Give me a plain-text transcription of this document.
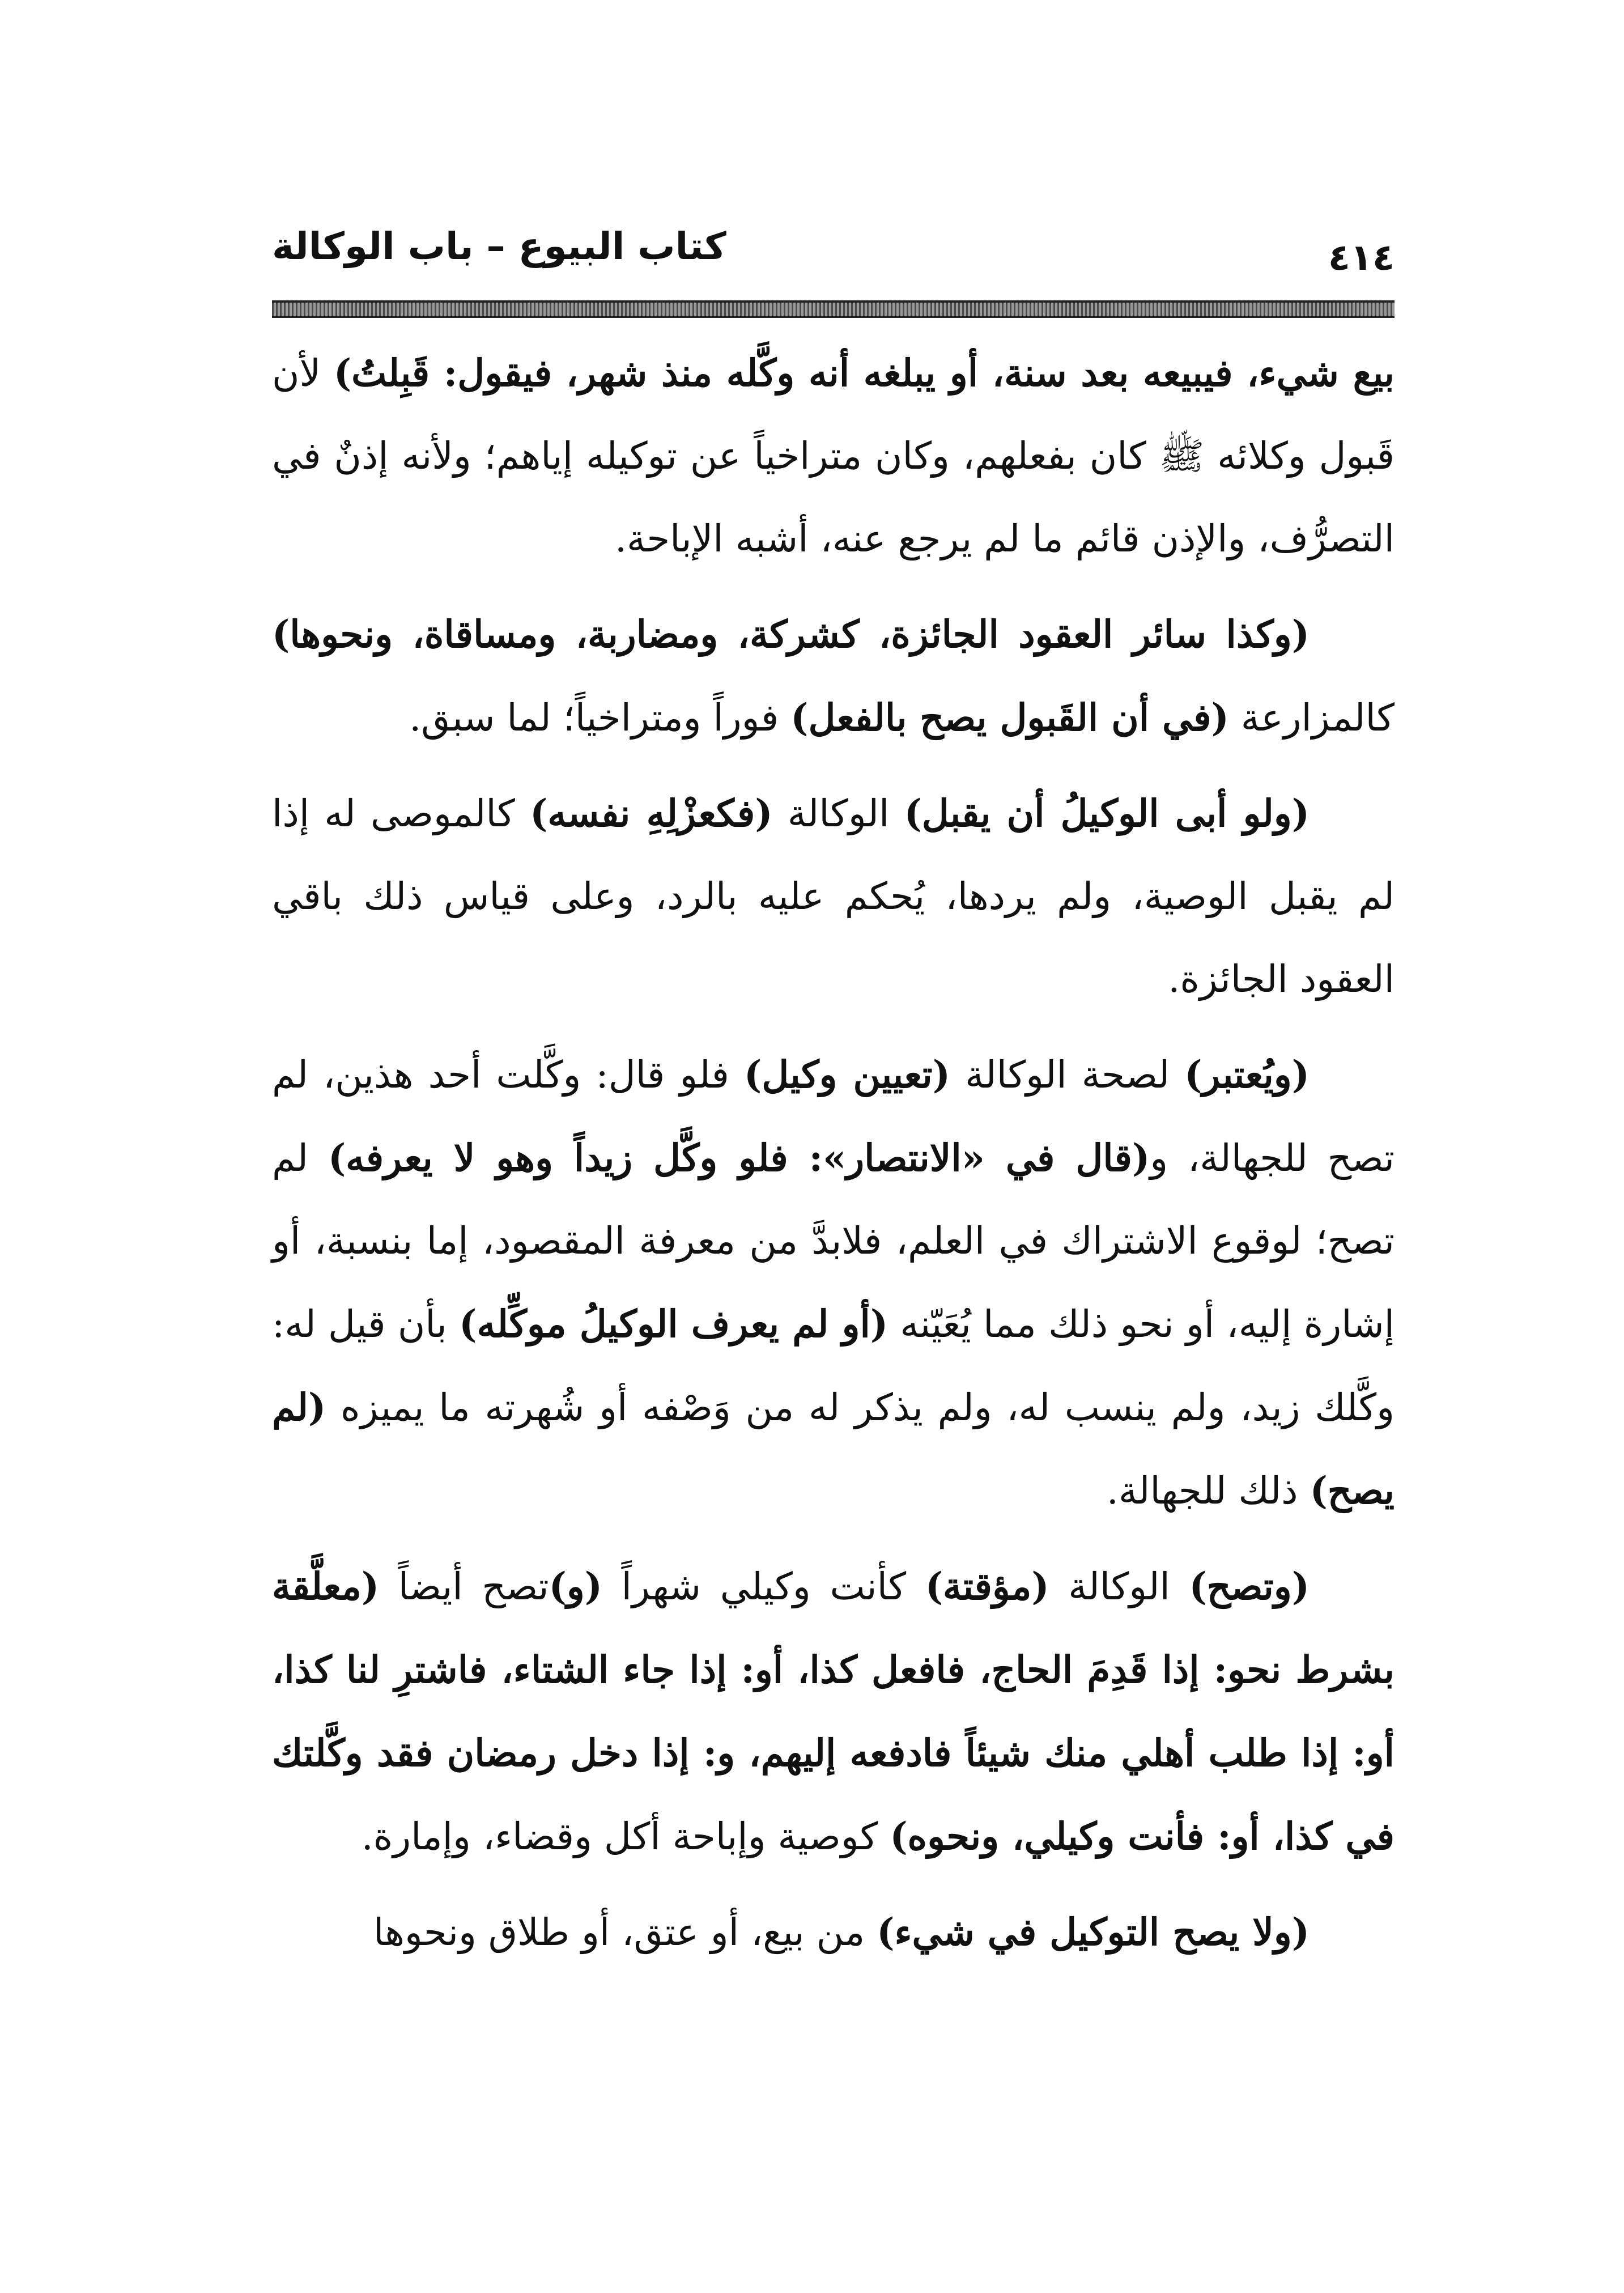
كتاب البيوع – باب الوكالة	٤١٤

بيع شيء، فيبيعه بعد سنة، أو يبلغه أنه وكَّله منذ شهر، فيقول: قَبِلتُ) لأن قَبول وكلائه ﷺ كان بفعلهم، وكان متراخياً عن توكيله إياهم؛ ولأنه إذنٌ في التصرُّف، والإذن قائم ما لم يرجع عنه، أشبه الإباحة.

(وكذا سائر العقود الجائزة، كشركة، ومضاربة، ومساقاة، ونحوها) كالمزارعة (في أن القَبول يصح بالفعل) فوراً ومتراخياً؛ لما سبق.

(ولو أبى الوكيلُ أن يقبل) الوكالة (فكعزْلِهِ نفسه) كالموصى له إذا لم يقبل الوصية، ولم يردها، يُحكم عليه بالرد، وعلى قياس ذلك باقي العقود الجائزة.

(ويُعتبر) لصحة الوكالة (تعيين وكيل) فلو قال: وكَّلت أحد هذين، لم تصح للجهالة، و(قال في «الانتصار»: فلو وكَّل زيداً وهو لا يعرفه) لم تصح؛ لوقوع الاشتراك في العلم، فلابدَّ من معرفة المقصود، إما بنسبة، أو إشارة إليه، أو نحو ذلك مما يُعَيّنه (أو لم يعرف الوكيلُ موكِّله) بأن قيل له: وكَّلك زيد، ولم ينسب له، ولم يذكر له من وَصْفه أو شُهرته ما يميزه (لم يصح) ذلك للجهالة.

(وتصح) الوكالة (مؤقتة) كأنت وكيلي شهراً (و)تصح أيضاً (معلَّقة بشرط نحو: إذا قَدِمَ الحاج، فافعل كذا، أو: إذا جاء الشتاء، فاشترِ لنا كذا، أو: إذا طلب أهلي منك شيئاً فادفعه إليهم، و: إذا دخل رمضان فقد وكَّلتك في كذا، أو: فأنت وكيلي، ونحوه) كوصية وإباحة أكل وقضاء، وإمارة.

(ولا يصح التوكيل في شيء) من بيع، أو عتق، أو طلاق ونحوها
